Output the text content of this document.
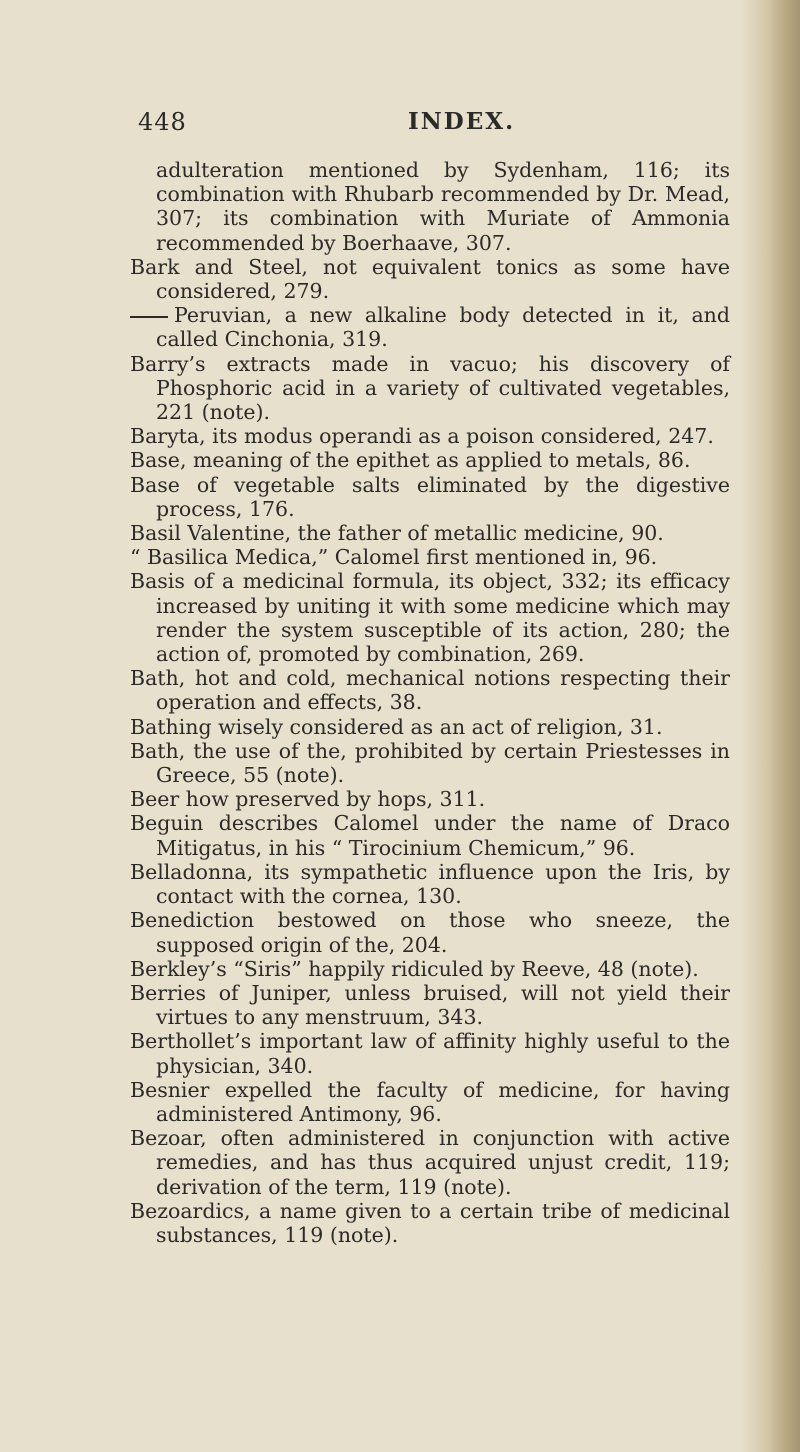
448	INDEX.

adulteration mentioned by Sydenham, 116; its combination with Rhubarb recommended by Dr. Mead, 307; its combination with Muriate of Ammonia recommended by Boerhaave, 307.

Bark and Steel, not equivalent tonics as some have considered, 279.

Peruvian, a new alkaline body detected in it, and called Cinchonia, 319.

Barry’s extracts made in vacuo; his discovery of Phosphoric acid in a variety of cultivated vegetables, 221 (note).

Baryta, its modus operandi as a poison considered, 247.

Base, meaning of the epithet as applied to metals, 86.

Base of vegetable salts eliminated by the digestive process, 176.

Basil Valentine, the father of metallic medicine, 90.

“ Basilica Medica,” Calomel first mentioned in, 96.

Basis of a medicinal formula, its object, 332; its efficacy increased by uniting it with some medicine which may render the system susceptible of its action, 280; the action of, promoted by combination, 269.

Bath, hot and cold, mechanical notions respecting their operation and effects, 38.

Bathing wisely considered as an act of religion, 31.

Bath, the use of the, prohibited by certain Priestesses in Greece, 55 (note).

Beer how preserved by hops, 311.

Beguin describes Calomel under the name of Draco Mitigatus, in his “ Tirocinium Chemicum,” 96.

Belladonna, its sympathetic influence upon the Iris, by contact with the cornea, 130.

Benediction bestowed on those who sneeze, the supposed origin of the, 204.

Berkley’s “Siris” happily ridiculed by Reeve, 48 (note).

Berries of Juniper, unless bruised, will not yield their virtues to any menstruum, 343.

Berthollet’s important law of affinity highly useful to the physician, 340.

Besnier expelled the faculty of medicine, for having administered Antimony, 96.

Bezoar, often administered in conjunction with active remedies, and has thus acquired unjust credit, 119; derivation of the term, 119 (note).

Bezoardics, a name given to a certain tribe of medicinal substances, 119 (note).
